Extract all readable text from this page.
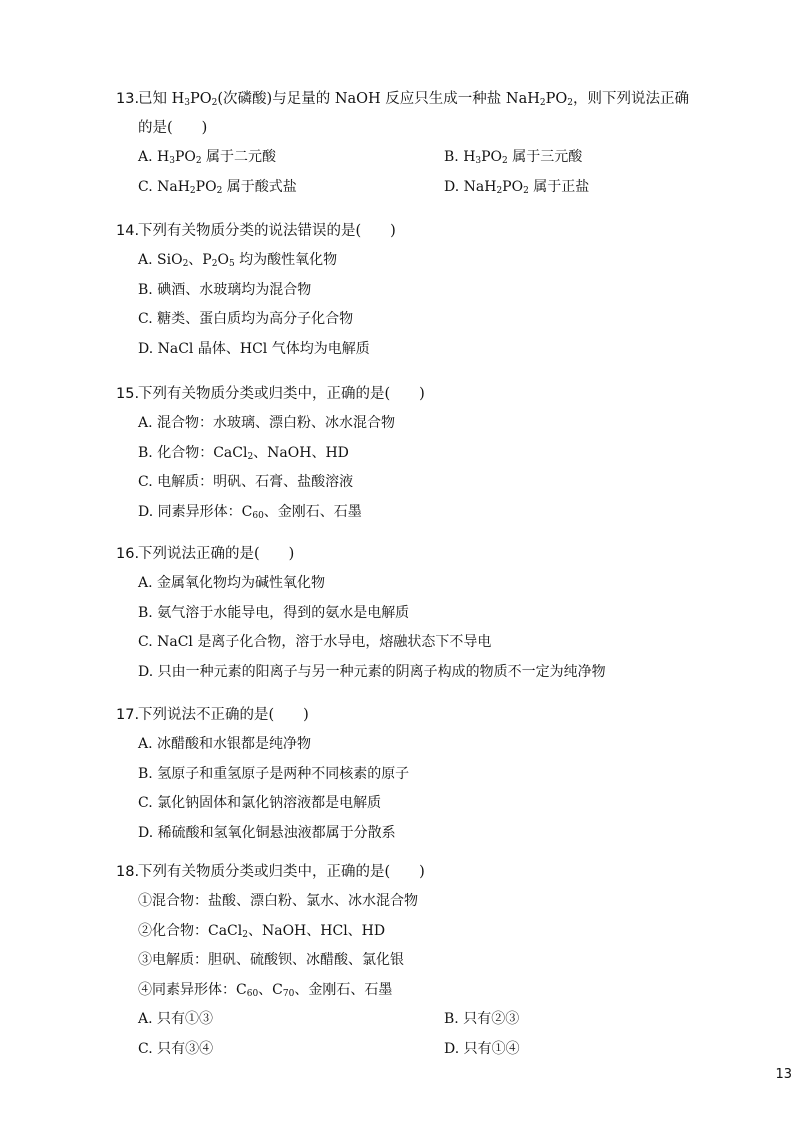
13.已知 $H_3PO_2$(次磷酸)与足量的 NaOH 反应只生成一种盐 $NaH_2PO_2$，则下列说法正确
的是(　　)
A. $H_3PO_2$ 属于二元酸	B. $H_3PO_2$ 属于三元酸
C. $NaH_2PO_2$ 属于酸式盐	D. $NaH_2PO_2$ 属于正盐
14.下列有关物质分类的说法错误的是(　　)
A. SiO$_2$、$P_2O_5$ 均为酸性氧化物
B. 碘酒、水玻璃均为混合物
C. 糖类、蛋白质均为高分子化合物
D. NaCl 晶体、HCl 气体均为电解质
15.下列有关物质分类或归类中，正确的是(　　)
A. 混合物：水玻璃、漂白粉、冰水混合物
B. 化合物：CaCl$_2$、NaOH、HD
C. 电解质：明矾、石膏、盐酸溶液
D. 同素异形体：$C_{60}$、金刚石、石墨
16.下列说法正确的是(　　)
A. 金属氧化物均为碱性氧化物
B. 氨气溶于水能导电，得到的氨水是电解质
C. NaCl 是离子化合物，溶于水导电，熔融状态下不导电
D. 只由一种元素的阳离子与另一种元素的阴离子构成的物质不一定为纯净物
17.下列说法不正确的是(　　)
A. 冰醋酸和水银都是纯净物
B. 氢原子和重氢原子是两种不同核素的原子
C. 氯化钠固体和氯化钠溶液都是电解质
D. 稀硫酸和氢氧化铜悬浊液都属于分散系
18.下列有关物质分类或归类中，正确的是(　　)
①混合物：盐酸、漂白粉、氯水、冰水混合物
②化合物：CaCl$_2$、NaOH、HCl、HD
③电解质：胆矾、硫酸钡、冰醋酸、氯化银
④同素异形体：$C_{60}$、$C_{70}$、金刚石、石墨
A. 只有①③	B. 只有②③
C. 只有③④	D. 只有①④
13
